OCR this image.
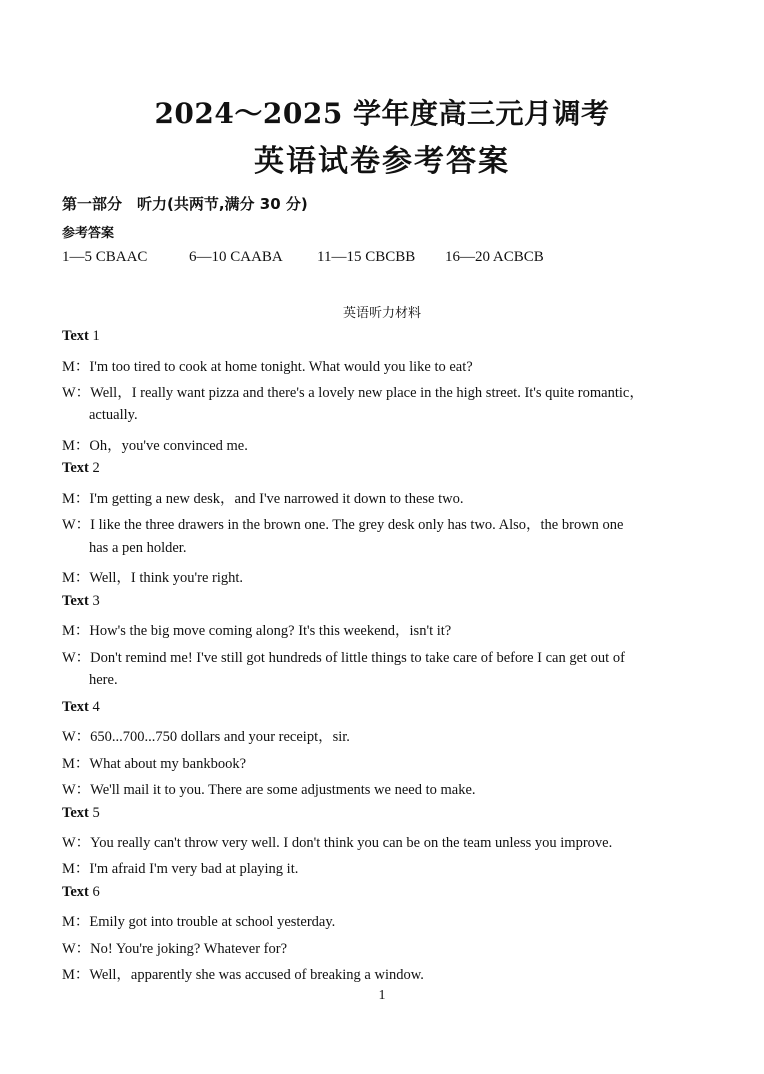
2024～2025 学年度高三元月调考
英语试卷参考答案
第一部分　听力(共两节,满分 30 分)
参考答案
1—5 CBAAC	6—10 CAABA 11—15 CBCBB 16—20 ACBCB
英语听力材料
Text 1
M：I'm too tired to cook at home tonight. What would you like to eat?
W：Well，I really want pizza and there's a lovely new place in the high street. It's quite romantic，
actually.
M：Oh，you've convinced me.
Text 2
M：I'm getting a new desk，and I've narrowed it down to these two.
W：I like the three drawers in the brown one. The grey desk only has two. Also，the brown one
has a pen holder.
M：Well，I think you're right.
Text 3
M：How's the big move coming along? It's this weekend，isn't it?
W：Don't remind me! I've still got hundreds of little things to take care of before I can get out of
here.
Text 4
W：650...700...750 dollars and your receipt，sir.
M：What about my bankbook?
W：We'll mail it to you. There are some adjustments we need to make.
Text 5
W：You really can't throw very well. I don't think you can be on the team unless you improve.
M：I'm afraid I'm very bad at playing it.
Text 6
M：Emily got into trouble at school yesterday.
W：No! You're joking? Whatever for?
M：Well，apparently she was accused of breaking a window.
1
